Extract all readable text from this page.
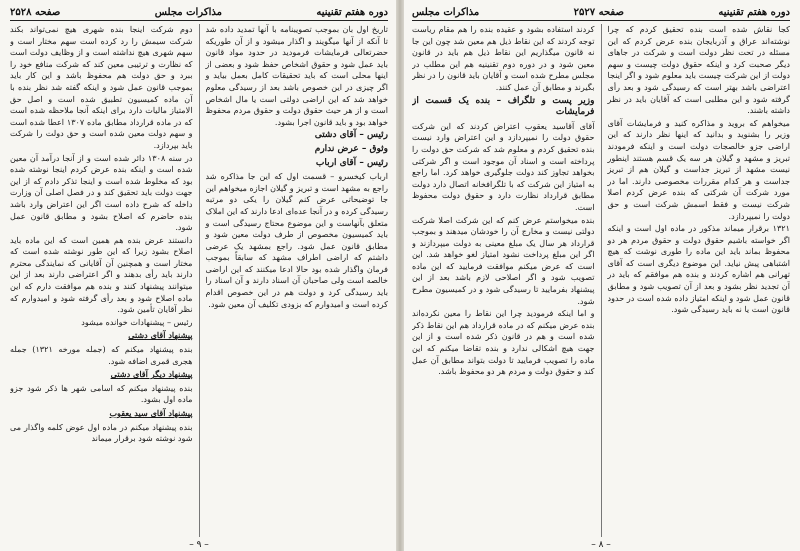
دوره هفتم تقنینیه
مذاکرات مجلس
صفحه ۲۵۲۸

تاریخ اول بان بموجب تصویبنامه با آنها تمدید داده شد تا آنکه از آنها میگویند و اگذار میشود و از آن طوریکه حضرتعالی فرمایشات فرمودید در حدود مواد قانون باید عمل شود و حقوق اشخاص حفظ شود و بعضی از اینها محلی است که باید تحقیقات کامل بعمل بیاید و اگر چیزی در این خصوص باشد بعد از رسیدگی معلوم خواهد شد که این اراضی دولتی است یا مال اشخاص است و از هر حیث حقوق دولت و حقوق مردم محفوظ خواهد بود و باید قانون اجرا بشود.

رئیس – آقای دشتی
وثوق – عرض ندارم
رئیس – آقای ارباب

ارباب کیخسرو – قسمت اول که این جا مذاکره شد راجع به مشهد است و تبریز و گیلان اجازه میخواهم این جا توضیحاتی عرض کنم گیلان را یکی دو مرتبه رسیدگی کرده و در آنجا عده‌ای ادعا دارند که این املاک متعلق بآنهاست و این موضوع محتاج رسیدگی است و باید کمیسیون مخصوص از طرف دولت معین شود و مطابق قانون عمل شود. راجع بمشهد یک عرضی داشتم که اراضی اطراف مشهد که سابقاً بموجب فرمان واگذار شده بود حالا ادعا میکنند که این اراضی خالصه است ولی صاحبان آن اسناد دارند و آن اسناد را باید رسیدگی کرد و دولت هم در این خصوص اقدام کرده است و امیدوارم که بزودی تکلیف آن معین شود.

دوم شرکت اینجا بنده شهری هیچ نمی‌تواند بکند شرکت سیمش را رد کرده است سهم مختار است و سهم شهری هیچ نداشته است و از وظایف دولت است که نظارت و ترتیبی معین کند که شرکت منافع خود را ببرد و حق دولت هم محفوظ باشد و این کار باید بموجب قانون عمل شود و اینکه گفته شد نظر بنده با آن ماده کمیسیون تطبیق شده است و اصل حق الامتیاز مالیات دارد برای اینکه آنجا ملاحظه شده است که در ماده قرارداد مطابق ماده ۱۳۰۷ اعطا شده است و سهم دولت معین شده است و حق دولت را شرکت باید بپردازد.

در سنه ۱۳۰۸ دائر شده است و از آنجا درآمد آن معین شده است و اینکه بنده عرض کردم اینجا نوشته شده بود که مخلوط شده است و اینجا تذکر دادم که از این جهت دولت باید تحقیق کند و در فصل اصلی آن وزارت داخله که شرح داده است اگر این اعتراض وارد باشد بنده حاضرم که اصلاح بشود و مطابق قانون عمل شود.

دانستند عرض بنده هم همین است که این ماده باید اصلاح بشود زیرا که این طور نوشته شده است که مختار است و همچنین آن آقایانی که نمایندگی محترم دارند باید رأی بدهند و اگر اعتراضی دارند بعد از این میتوانند پیشنهاد کنند و بنده هم موافقت دارم که این ماده اصلاح شود و بعد رأی گرفته شود و امیدوارم که نظر آقایان تأمین شود.

رئیس – پیشنهادات خوانده میشود

پیشنهاد آقای دشتی

بنده پیشنهاد میکنم که (جمله مورخه ۱۳۲۱) جمله هجری قمری اضافه شود.

پیشنهاد دیگر آقای دشتی

بنده پیشنهاد میکنم که اسامی شهر ها ذکر شود جزو ماده اول بشود.

پیشنهاد آقای سید یعقوب

بنده پیشنهاد میکنم در ماده اول عوض کلمه واگذار می شود نوشته شود برقرار میماند

– ۹ –
دوره هفتم تقنینیه
صفحه ۲۵۲۷
مذاکرات مجلس

کجا نقاش شده است بنده تحقیق کردم که چرا نوشته‌اند عراق و آذربایجان بنده عرض کردم که این مسئله در تحت نظر دولت است و شرکت در جاهای دیگر صحبت کرد و اینکه حقوق دولت چیست و سهم دولت از این شرکت چیست باید معلوم شود و اگر اینجا اعتراضی باشد بهتر است که رسیدگی شود و بعد رأی گرفته شود و این مطلبی است که آقایان باید در نظر داشته باشند.

میخواهم که بروید و مذاکره کنید و فرمایشات آقای وزیر را بشنوید و بدانید که اینها نظر دارند که این اراضی جزو خالصجات دولت است و اینکه فرمودند تبریز و مشهد و گیلان هر سه یک قسم هستند اینطور نیست مشهد از تبریز جداست و گیلان هم از تبریز جداست و هر کدام مقررات مخصوصی دارند. اما در مورد شرکت آن شرکتی که بنده عرض کردم اصلا شرکت نیست و فقط اسمش شرکت است و حق دولت را نمیپردازد.

۱۳۲۱ برقرار میماند مذکور در ماده اول است و اینکه اگر خواسته باشیم حقوق دولت و حقوق مردم هر دو محفوظ بماند باید این ماده را طوری نوشت که هیچ اشتباهی پیش نیاید. این موضوع دیگری است که آقای تهرانی هم اشاره کردند و بنده هم موافقم که باید در آن تجدید نظر بشود و بعد از آن تصویب شود و مطابق قانون عمل شود و اینکه امتیاز داده شده است در حدود قانون است یا نه باید رسیدگی شود.

کردند استفاده بشود و عقیده بنده را هم مقام ریاست توجه کردند که این نقاط ذیل هم معین شد چون این جا نه قانون میگذاریم این نقاط ذیل هم باید در قانون معین شود و در دوره دوم تقنینیه هم این مطلب در مجلس مطرح شده است و آقایان باید قانون را در نظر بگیرند و مطابق آن عمل کنند.

وزیر پست و تلگراف – بنده یک قسمت از فرمایشات

آقای آقاسید یعقوب اعتراض کردند که این شرکت حقوق دولت را نمیپردازد و این اعتراض وارد نیست بنده تحقیق کردم و معلوم شد که شرکت حق دولت را پرداخته است و اسناد آن موجود است و اگر شرکتی بخواهد تجاوز کند دولت جلوگیری خواهد کرد. اما راجع به امتیاز این شرکت که با تلگرافخانه اتصال دارد دولت مطابق قرارداد نظارت دارد و حقوق دولت محفوظ است.

بنده میخواستم عرض کنم که این شرکت اصلا شرکت دولتی نیست و مخارج آن را خودشان میدهند و بموجب قرارداد هر سال یک مبلغ معینی به دولت میپردازند و اگر این مبلغ پرداخت نشود امتیاز لغو خواهد شد. این است که عرض میکنم موافقت فرمایید که این ماده تصویب شود و اگر اصلاحی لازم باشد بعد از این پیشنهاد بفرمایید تا رسیدگی شود و در کمیسیون مطرح شود.

و اما اینکه فرمودید چرا این نقاط را معین نکرده‌اند بنده عرض میکنم که در ماده قرارداد هم این نقاط ذکر شده است و هم در قانون ذکر شده است و از این جهت هیچ اشکالی ندارد و بنده تقاضا میکنم که این ماده را تصویب فرمایید تا دولت بتواند مطابق آن عمل کند و حقوق دولت و مردم هر دو محفوظ باشد.

– ۸ –
